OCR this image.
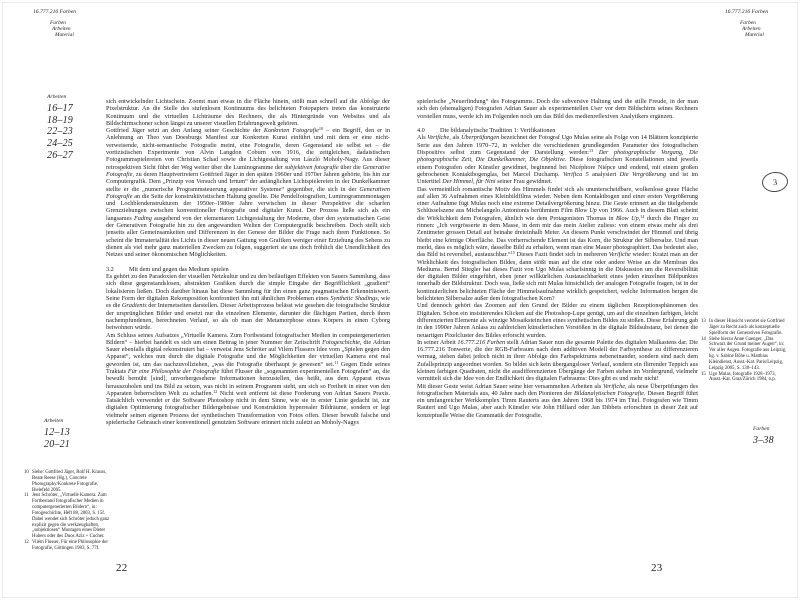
16.777.216 Farben
Farben
Arbeiten
Material
Arbeiten
16–17
18–19
22–23
24–25
26–27
Arbeiten
12–13
20–21

sich entwickelnder Lichtschein. Zoomt man etwas in die Fläche hinein, stößt man schnell auf die Abfolge der Pixelstruktur. An die Stelle des stufenlosen Kontinuums des belichteten Fotopapiers treten das konstruierte Kontinuum und die virtuellen Lichträume des Rechners, die als Hintergründe von Websites und als Bildschirmschoner schon längst zu unserer visuellen Erfahrungswelt gehören.

Gottfried Jäger setzt an den Anfang seiner Geschichte der Konkreten Fotografie$^{10}$ – ein Begriff, den er in Anlehnung an Theo van Doesburgs Manifest zur Konkreten Kunst einführt und mit dem er eine nicht-verweisende, nicht-semantische Fotografie meint, eine Fotografie, deren Gegenstand sie selbst sei – die vortizistischen Experimente von Alvin Langdon Coburn von 1916, die zeitgleichen, dadaistischen Fotogrammspielereien von Christian Schad sowie die Lichtgestaltung von László Moholy-Nagy. Aus dieser retrospektiven Sicht führt der Weg weiter über die Luminogramme der subjektiven fotografie über die Generative Fotografie, zu deren Hauptvertretern Gottfried Jäger in den späten 1960er und 1970er Jahren gehörte, bis hin zur Computergrafik. Dem „Prinzip von Versuch und Irrtum“ der anfänglichen Lichtspielereien in der Dunkelkammer stellte er die „numerische Programmsteuerung apparativer Systeme“ gegenüber, die sich in der Generativen Fotografie an die Seite der konstruktivistischen Haltung gesellte. Die Pendelfotografien, Luminogrammmontagen und Lochblendenstrukturen der 1950er–1980er Jahre verwischen in dieser Perspektive die scharfen Grenzziehungen zwischen konventioneller Fotografie und digitaler Kunst. Der Prozess ließe sich als ein langsames Fading ausgehend von der elementaren Lichtgestaltung der Moderne, über den systematischen Geist der Generativen Fotografie hin zu den angewandten Welten der Computergrafik beschreiben. Doch stellt sich jenseits aller Gemeinsamkeiten und Differenzen in der Genese der Bilder die Frage nach ihren Funktionen. So scheint die Immaterialität des Lichts in dieser neuen Gattung von Grafiken weniger einer Erziehung des Sehens zu dienen als viel mehr ganz materiellen Zwecken zu folgen, suggeriert sie uns doch fröhlich die Unendlichkeit des Netzes und seiner ökonomischen Möglichkeiten.

3.2	Mit dem und gegen das Medium spielen

Es gehört zu den Paradoxien der visuellen Netzkultur und zu den beiläufigen Effekten von Sauers Sammlung, dass sich diese gegenstandslosen, abstrakten Grafiken durch die simple Eingabe der Begrifflichkeit „gradient“ lokalisieren ließen. Doch darüber hinaus hat diese Sammlung für ihn einen ganz pragmatischen Erkenntniswert. Seine Form der digitalen Rekomposition konfrontiert ihn mit ähnlichen Problemen eines Synthetic Shadings, wie es die Gradients der Internetseiten darstellen. Dieser Arbeitsprozess belässt wie gesehen die fotografische Struktur der ursprünglichen Bilder und ersetzt nur die einzelnen Elemente, darunter die flächigen Partien, durch ihren nachempfundenen, berechneten Verlauf, so als ob man der Metamorphose eines Körpers in einen Cyborg beiwohnen würde.

Am Schluss seines Aufsatzes „Virtuelle Kamera. Zum Fortbestand fotografischer Medien in computergenerierten Bildern“ – hierbei handelt es sich um einen Beitrag in jener Nummer der Zeitschrift Fotogeschichte, die Adrian Sauer ebenfalls digital rekonstruiert hat – verweist Jens Schröter auf Vilém Flussers Idee vom „Spielen gegen den Apparat“, welches nun durch die digitale Fotografie und die Möglichkeiten der virtuellen Kamera erst real geworden ist, um das nachzuvollziehen, „was die Fotografie überhaupt je gewesen“ sei.$^{11}$ Gegen Ende seines Traktats Für eine Philosophie der Fotografie führt Flusser die „sogenannten experimentellen Fotografen“ an, die bewußt bemüht [sind], unvorhergesehene Informationen herzustellen, das heißt, aus dem Apparat etwas herauszuholen und ins Bild zu setzen, was nicht in seinem Programm steht, um sich so Freiheit in einer von den Apparaten beherrschten Welt zu schaffen.$^{12}$ Nicht weit entfernt ist diese Forderung von Adrian Sauers Praxis. Tatsächlich verwendet er die Software Photoshop nicht in dem Sinne, wie sie in erster Linie gedacht ist, zur digitalen Optimierung fotografischer Bildergebnisse und Konstruktion hyperrealer Bildräume, sondern er legt vielmehr seinen eigenen Prozess der synthetischen Transformation von Fotos offen. Dieser bewußt falsche und spielerische Gebrauch einer konventionell genutzten Software erinnert nicht zuletzt an Moholy-Nagys

10 Siehe: Gottfried Jäger, Rolf H. Krauss, Beate Reese (Hg.), Concrete Photography/Konkrete Fotografie, Bielefeld 2005.
11 Jens Schröter, „Virtuelle Kamera. Zum Fortbestand fotografischer Medien in computergenerierten Bildern“, in: Fotogeschichte, Heft 88, 2003, S. 15f. Dabei wendet sich Schröter jedoch ganz explizit gegen die werkzeughaften, „subjektlosen“ Montagen eines Dieter Hubers oder des Duos Aziz + Cucher.
12 Vilém Flusser, Für eine Philosophie der Fotografie, Göttingen 1983, S. 77f.
22
16.777.216 Farben
Farben
Arbeiten
Material

spielerische „Neuerfindung“ des Fotogramms. Doch die subversive Haltung und die stille Freude, in der man sich den (ehemaligen) Fotografen Adrian Sauer als experimentellen User vor dem Bildschirm seines Rechners vorstellen muss, werde ich im Folgenden noch um das Bild des medienreflexiven Analytikers ergänzen.

4.0	Die bildanalytische Tradition 1: Verifikationen

Als Verifiche, als Überprüfungen bezeichnet der Fotograf Ugo Mulas seine als Folge von 14 Blättern konzipierte Serie aus den Jahren 1970–72, in welcher die verschiedenen grundlegenden Parameter des fotografischen Dispositivs selbst zum Gegenstand der Darstellung werden:$^{13}$ Der photographische Vorgang, Die photographische Zeit, Die Dunkelkammer, Die Objektive. Diese fotografischen Konstellationen sind jeweils einem Fotografen oder Künstler gewidmet, beginnend bei Nicéphore Niépce und endend, mit einem großen gebrochenen Kontaktbogenglas, bei Marcel Duchamp. Verifica 5 analysiert Die Vergrößerung und ist im Untertitel Der Himmel, für Nini seiner Frau gewidmet.

Das vermeintlich romantische Motiv des Himmels findet sich als ununterscheidbare, wolkenlose graue Fläche auf allen 36 Aufnahmen eines Kleinbildfilms wieder. Neben dem Kontaktbogen und einer ersten Vergrößerung einer Aufnahme fügt Mulas noch eine extreme Detailvergrößerung hinzu. Die Geste erinnert an die titelgebende Schlüsselszene aus Michelangelo Antonionis berühmtem Film Blow Up von 1966. Auch in diesem Blatt scheint die Wirklichkeit dem Fotografen, ähnlich wie dem Protagonisten Thomas in Blow Up,$^{14}$ durch die Finger zu rinnen: „Ich vergrösserte in dem Masse, in dem mir das mein Atelier zuliess: von einem etwas mehr als drei Zentimeter grossen Detail auf beinahe dreieinhalb Meter. An diesem Punkt verschwindet der Himmel und übrig bleibt eine körnige Oberfläche. Das vorherrschende Element ist das Korn, die Struktur der Silbersalze. Und man merkt, dass es möglich wäre, dasselbe Bild zu erhalten, wenn man eine Mauer photographiert. Das bedeutet also, das Bild ist reversibel, austauschbar.“$^{15}$ Dieses Fazit findet sich in mehreren Verifiche wieder: Kratzt man an der Wirklichkeit des fotografischen Bildes, dann stößt man auf die eine oder andere Weise an die Membran des Mediums. Bernd Stiegler hat dieses Fazit von Ugo Mulas scharfsinnig in die Diskussion um die Reversibilität der digitalen Bilder eingeführt, eben jener willkürlichen Austauschbarkeit eines jeden einzelnen Bildpunktes innerhalb der Bildstruktur. Doch was, ließe sich mit Mulas hinsichtlich der analogen Fotografie fragen, ist in der kontinuierlichen belichteten Fläche der Himmelsaufnahme wirklich gespeichert, welche Information bergen die belichteten Silbersalze außer dem fotografischen Korn?

Und dennoch gehört das Zoomen auf den Grund der Bilder zu einem täglichen Rezeptionsphänomen des Digitalen. Schon ein insistierendes Klicken auf die Photoshop-Lupe genügt, um auf die einzelnen farbigen, leicht differenzierten Elemente als winzige Mosaiksteinchen eines synthetischen Bildes zu stoßen. Diese Erfahrung gab in den 1990er Jahren Anlass zu zahlreichen künstlerischen Vorstößen in die digitale Bildsubstanz, bei denen die neuartigen Pixelcluster des Bildes erforscht wurden.

In seiner Arbeit 16.777.216 Farben stellt Adrian Sauer nun die gesamte Palette des digitalen Malkastens dar. Die 16.777.216 Tonwerte, die der RGB-Farbraum nach dem additiven Modell der Farbsynthese zu differenzieren vermag, stehen dabei jedoch nicht in ihrer Abfolge des Farbspektrums nebeneinander, sondern sind nach dem Zufallsprinzip angeordnet worden. So bildet sich kein übergangsloser Verlauf, sondern ein flirrender Teppich aus kleinen farbigen Quadraten, nicht die ausdifferenzierten Übergänge der Farben stehen im Vordergrund, vielmehr vermittelt sich die Idee von der Endlichkeit des digitalen Farbraums: Dies gibt es und mehr nicht!

Mit dieser Geste weist Adrian Sauer seine hier versammelten Arbeiten als Verifiche, als neue Überprüfungen des fotografischen Materials aus, 40 Jahre nach den Pionieren der Bildanalytischen Fotografie. Diesen Begriff führt ein umfangreicher Werkkomplex Timm Rauterts aus den Jahren 1968 bis 1974 im Titel. Fotografen wie Timm Rautert und Ugo Mulas, aber auch Künstler wie John Hilliard oder Jan Dibbets erforschten in dieser Zeit auf konzeptuelle Weise die Grammatik der Fotografie.

3
13 In dieser Hinsicht verortet sie Gottfried Jäger zu Recht auch als konzeptuelle Spielform der Generativen Fotografie.
14 Siehe hierzu Anne Gaenger, „Das Schwarz der Grund meiner Augen“, in: Vor aller Augen. Fotografie aus Leipzig, hg. v. Sabine Böhe u. Matthias Kleindienst, Ausst.-Kat. Paris/Leipzig, Leipzig 2005, S. 130–143.
15 Ugo Mulas, fotografie 1928–1973, Ausst.-Kat. Graz/Zürich 1984, o.p.
Farben
3–38
23
